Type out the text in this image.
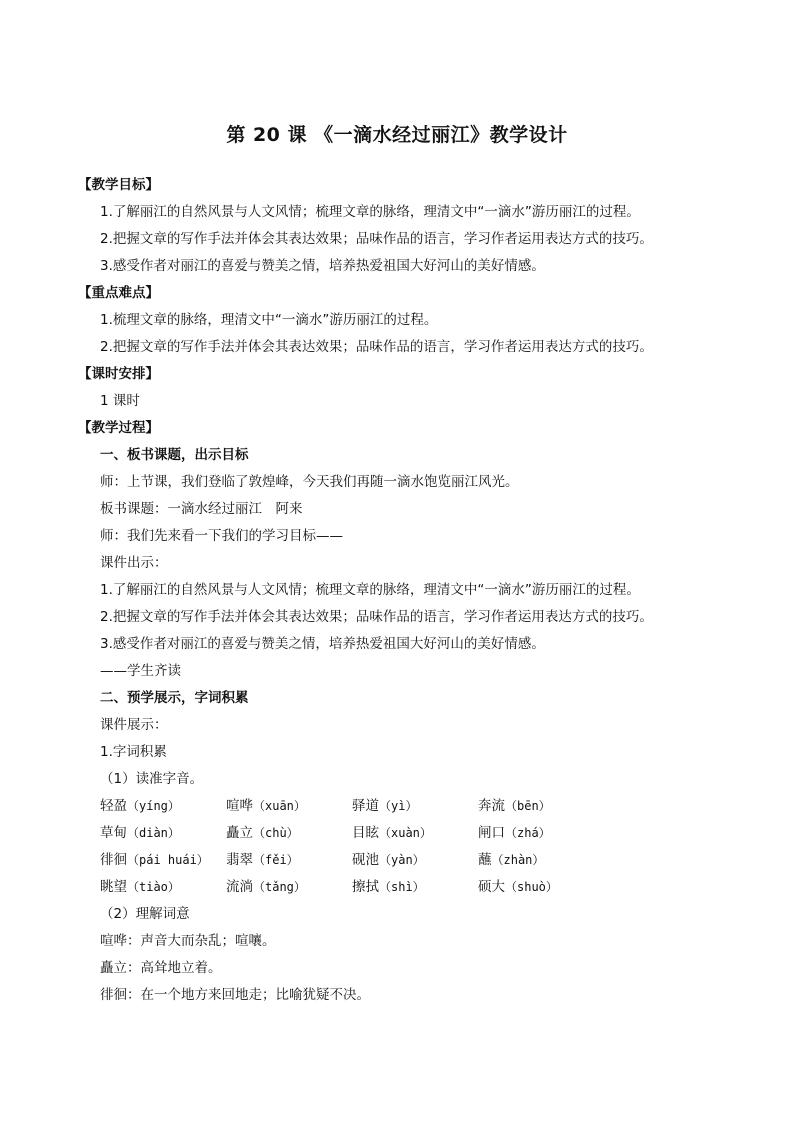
第 20 课 《一滴水经过丽江》教学设计
【教学目标】
1.了解丽江的自然风景与人文风情；梳理文章的脉络，理清文中“一滴水”游历丽江的过程。
2.把握文章的写作手法并体会其表达效果；品味作品的语言，学习作者运用表达方式的技巧。
3.感受作者对丽江的喜爱与赞美之情，培养热爱祖国大好河山的美好情感。
【重点难点】
1.梳理文章的脉络，理清文中“一滴水”游历丽江的过程。
2.把握文章的写作手法并体会其表达效果；品味作品的语言，学习作者运用表达方式的技巧。
【课时安排】
1 课时
【教学过程】
一、板书课题，出示目标
师：上节课，我们登临了敦煌峰，今天我们再随一滴水饱览丽江风光。
板书课题：一滴水经过丽江　阿来
师：我们先来看一下我们的学习目标——
课件出示：
1.了解丽江的自然风景与人文风情；梳理文章的脉络，理清文中“一滴水”游历丽江的过程。
2.把握文章的写作手法并体会其表达效果；品味作品的语言，学习作者运用表达方式的技巧。
3.感受作者对丽江的喜爱与赞美之情，培养热爱祖国大好河山的美好情感。
——学生齐读
二、预学展示，字词积累
课件展示：
1.字词积累
（1）读准字音。
轻盈（yíng）	喧哗（xuān）	驿道（yì）	奔流（bēn）
草甸（diàn）	矗立（chù）	目眩（xuàn）	闸口（zhá）
徘徊（pái huái）	翡翠（fěi）	砚池（yàn）	蘸（zhàn）
眺望（tiào）	流淌（tǎng）	擦拭（shì）	硕大（shuò）
（2）理解词意
喧哗：声音大而杂乱；喧嚷。
矗立：高耸地立着。
徘徊：在一个地方来回地走；比喻犹疑不决。
